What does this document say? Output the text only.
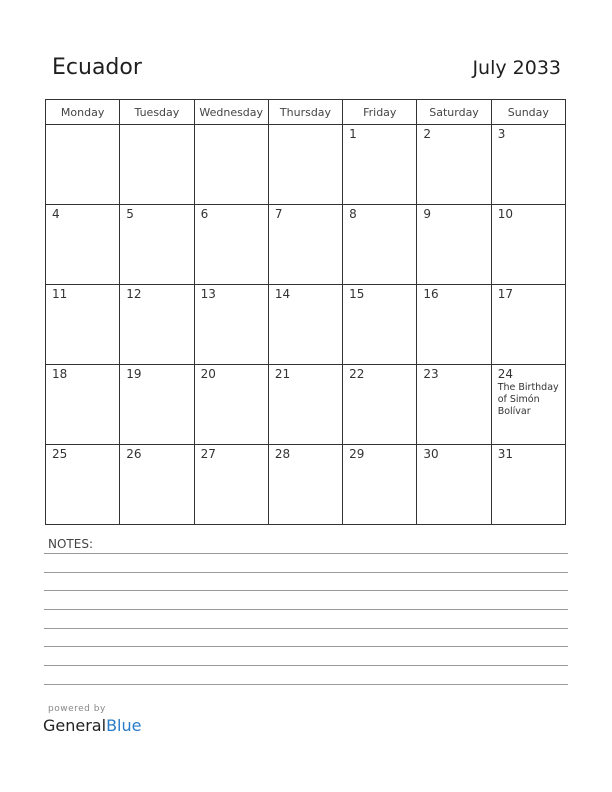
Ecuador	July 2033
Monday	Tuesday	Wednesday	Thursday	Friday	Saturday	Sunday

				1	2	3

4	5	6	7	8	9	10

11	12	13	14	15	16	17

18	19	20	21	22	23	24
The Birthday of Simón Bolívar

25	26	27	28	29	30	31
NOTES:
powered by
GeneralBlue
